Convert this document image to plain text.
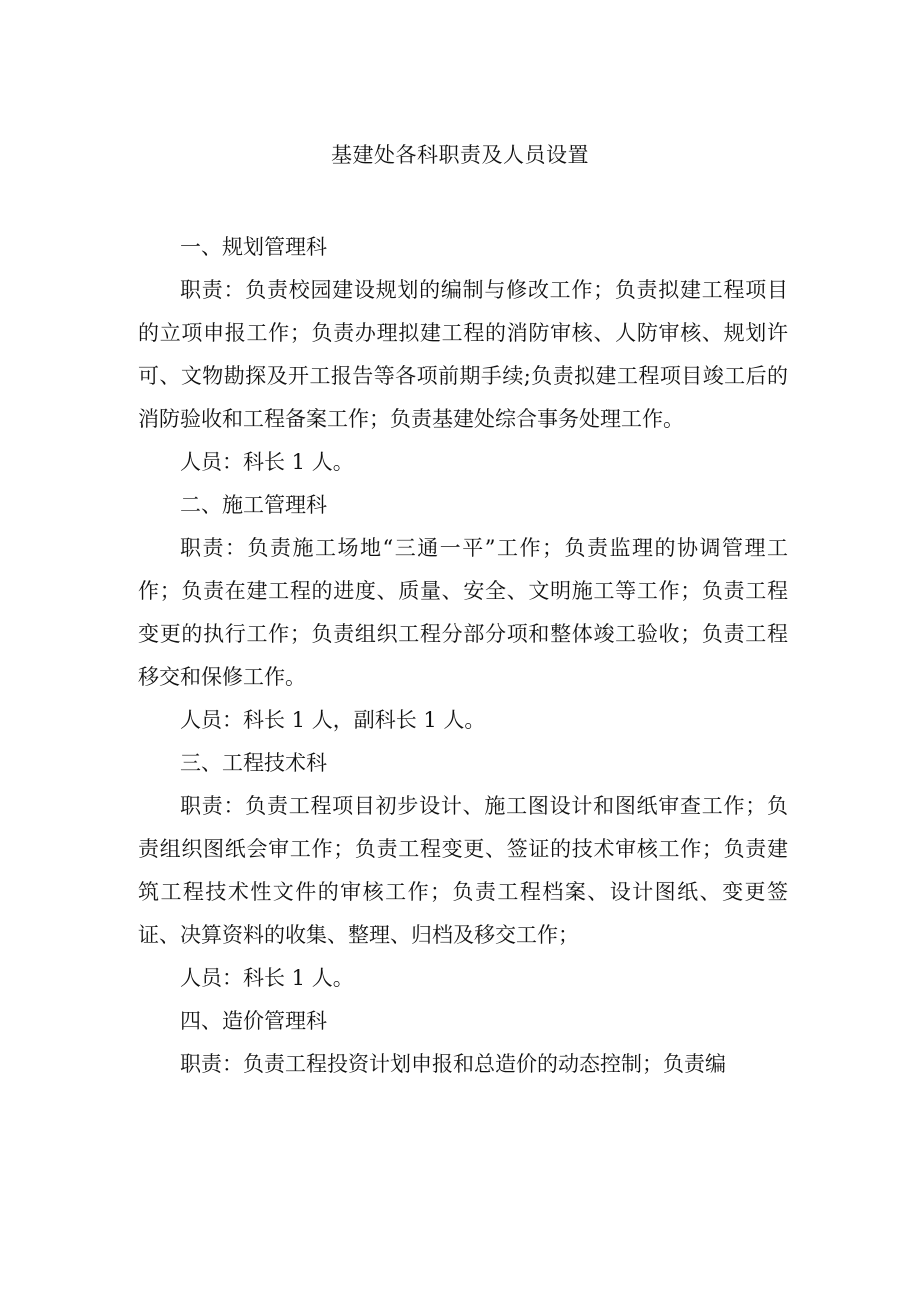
基建处各科职责及人员设置

一、规划管理科

职责：负责校园建设规划的编制与修改工作；负责拟建工程项目的立项申报工作；负责办理拟建工程的消防审核、人防审核、规划许可、文物勘探及开工报告等各项前期手续;负责拟建工程项目竣工后的消防验收和工程备案工作；负责基建处综合事务处理工作。

人员：科长 1 人。

二、施工管理科

职责：负责施工场地“三通一平”工作；负责监理的协调管理工作；负责在建工程的进度、质量、安全、文明施工等工作；负责工程变更的执行工作；负责组织工程分部分项和整体竣工验收；负责工程移交和保修工作。

人员：科长 1 人，副科长 1 人。

三、工程技术科

职责：负责工程项目初步设计、施工图设计和图纸审查工作；负责组织图纸会审工作；负责工程变更、签证的技术审核工作；负责建筑工程技术性文件的审核工作；负责工程档案、设计图纸、变更签证、决算资料的收集、整理、归档及移交工作；

人员：科长 1 人。

四、造价管理科

职责：负责工程投资计划申报和总造价的动态控制；负责编
